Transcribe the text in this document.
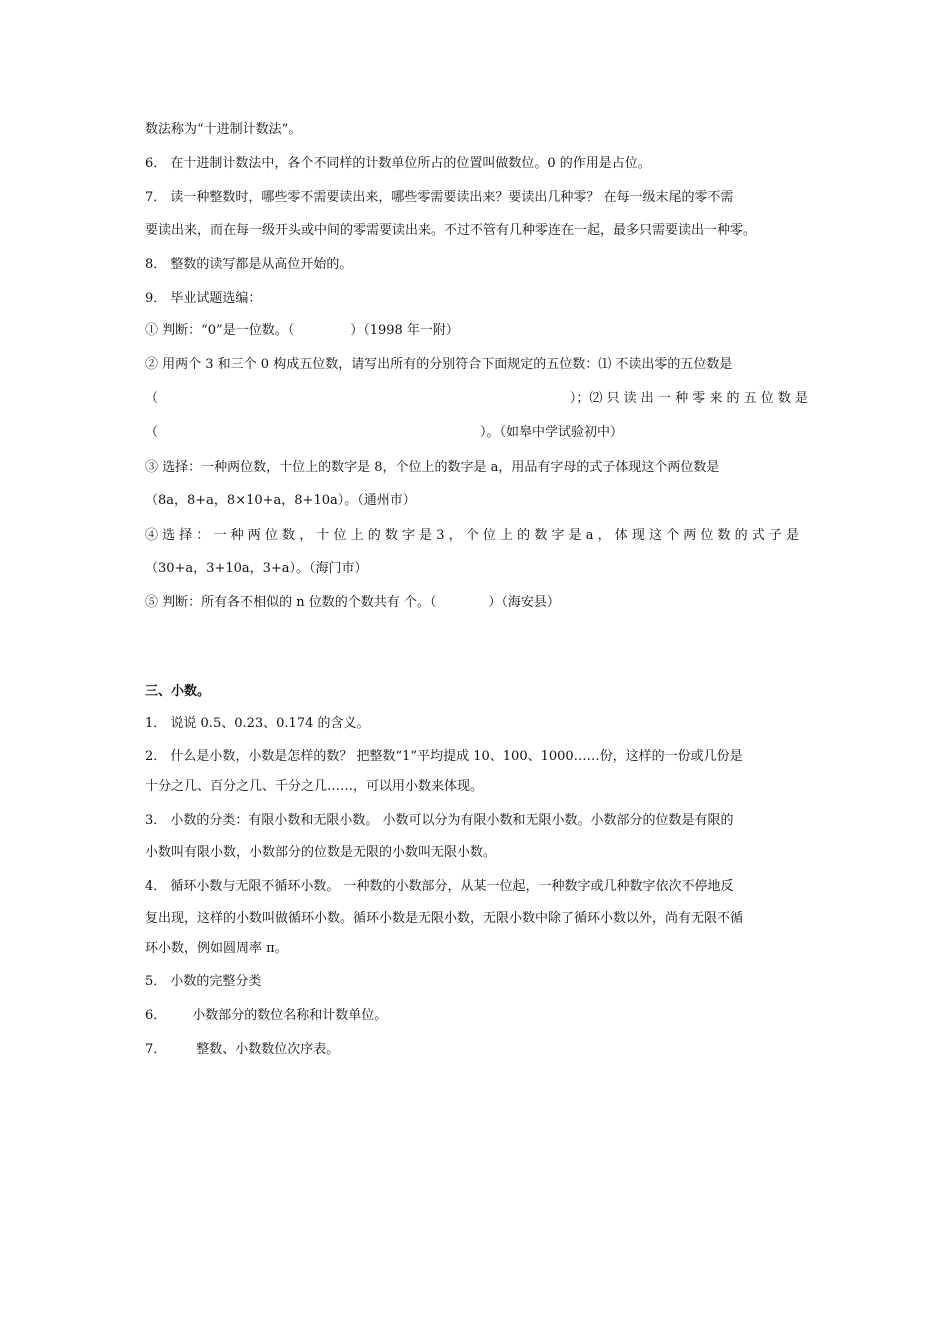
数法称为“十进制计数法”。
6． 在十进制计数法中，各个不同样的计数单位所占的位置叫做数位。0 的作用是占位。
7． 读一种整数时，哪些零不需要读出来，哪些零需要读出来？要读出几种零？ 在每一级末尾的零不需
要读出来，而在每一级开头或中间的零需要读出来。不过不管有几种零连在一起，最多只需要读出一种零。
8． 整数的读写都是从高位开始的。
9． 毕业试题选编：
① 判断：“0”是一位数。（	）（1998 年一附）
② 用两个 3 和三个 0 构成五位数，请写出所有的分别符合下面规定的五位数：⑴ 不读出零的五位数是
（	）；⑵ 只 读 出 一 种 零 来 的 五 位 数 是
（	）。（如皋中学试验初中）
③ 选择：一种两位数，十位上的数字是 8，个位上的数字是 a，用品有字母的式子体现这个两位数是
（8a，8+a，8×10+a，8+10a）。（通州市）
④ 选 择 ： 一 种 两 位 数 ， 十 位 上 的 数 字 是 3 ， 个 位 上 的 数 字 是 a ， 体 现 这 个 两 位 数 的 式 子 是
（30+a，3+10a，3+a）。（海门市）
⑤ 判断：所有各不相似的 n 位数的个数共有 个。（	）（海安县）
三、小数。
1． 说说 0.5、0.23、0.174 的含义。
2． 什么是小数，小数是怎样的数？ 把整数“1”平均提成 10、100、1000……份，这样的一份或几份是
十分之几、百分之几、千分之几……，可以用小数来体现。
3． 小数的分类：有限小数和无限小数。 小数可以分为有限小数和无限小数。小数部分的位数是有限的
小数叫有限小数，小数部分的位数是无限的小数叫无限小数。
4． 循环小数与无限不循环小数。 一种数的小数部分，从某一位起，一种数字或几种数字依次不停地反
复出现，这样的小数叫做循环小数。循环小数是无限小数，无限小数中除了循环小数以外，尚有无限不循
环小数，例如圆周率 π。
5． 小数的完整分类
6． 小数部分的数位名称和计数单位。
7． 整数、小数数位次序表。
